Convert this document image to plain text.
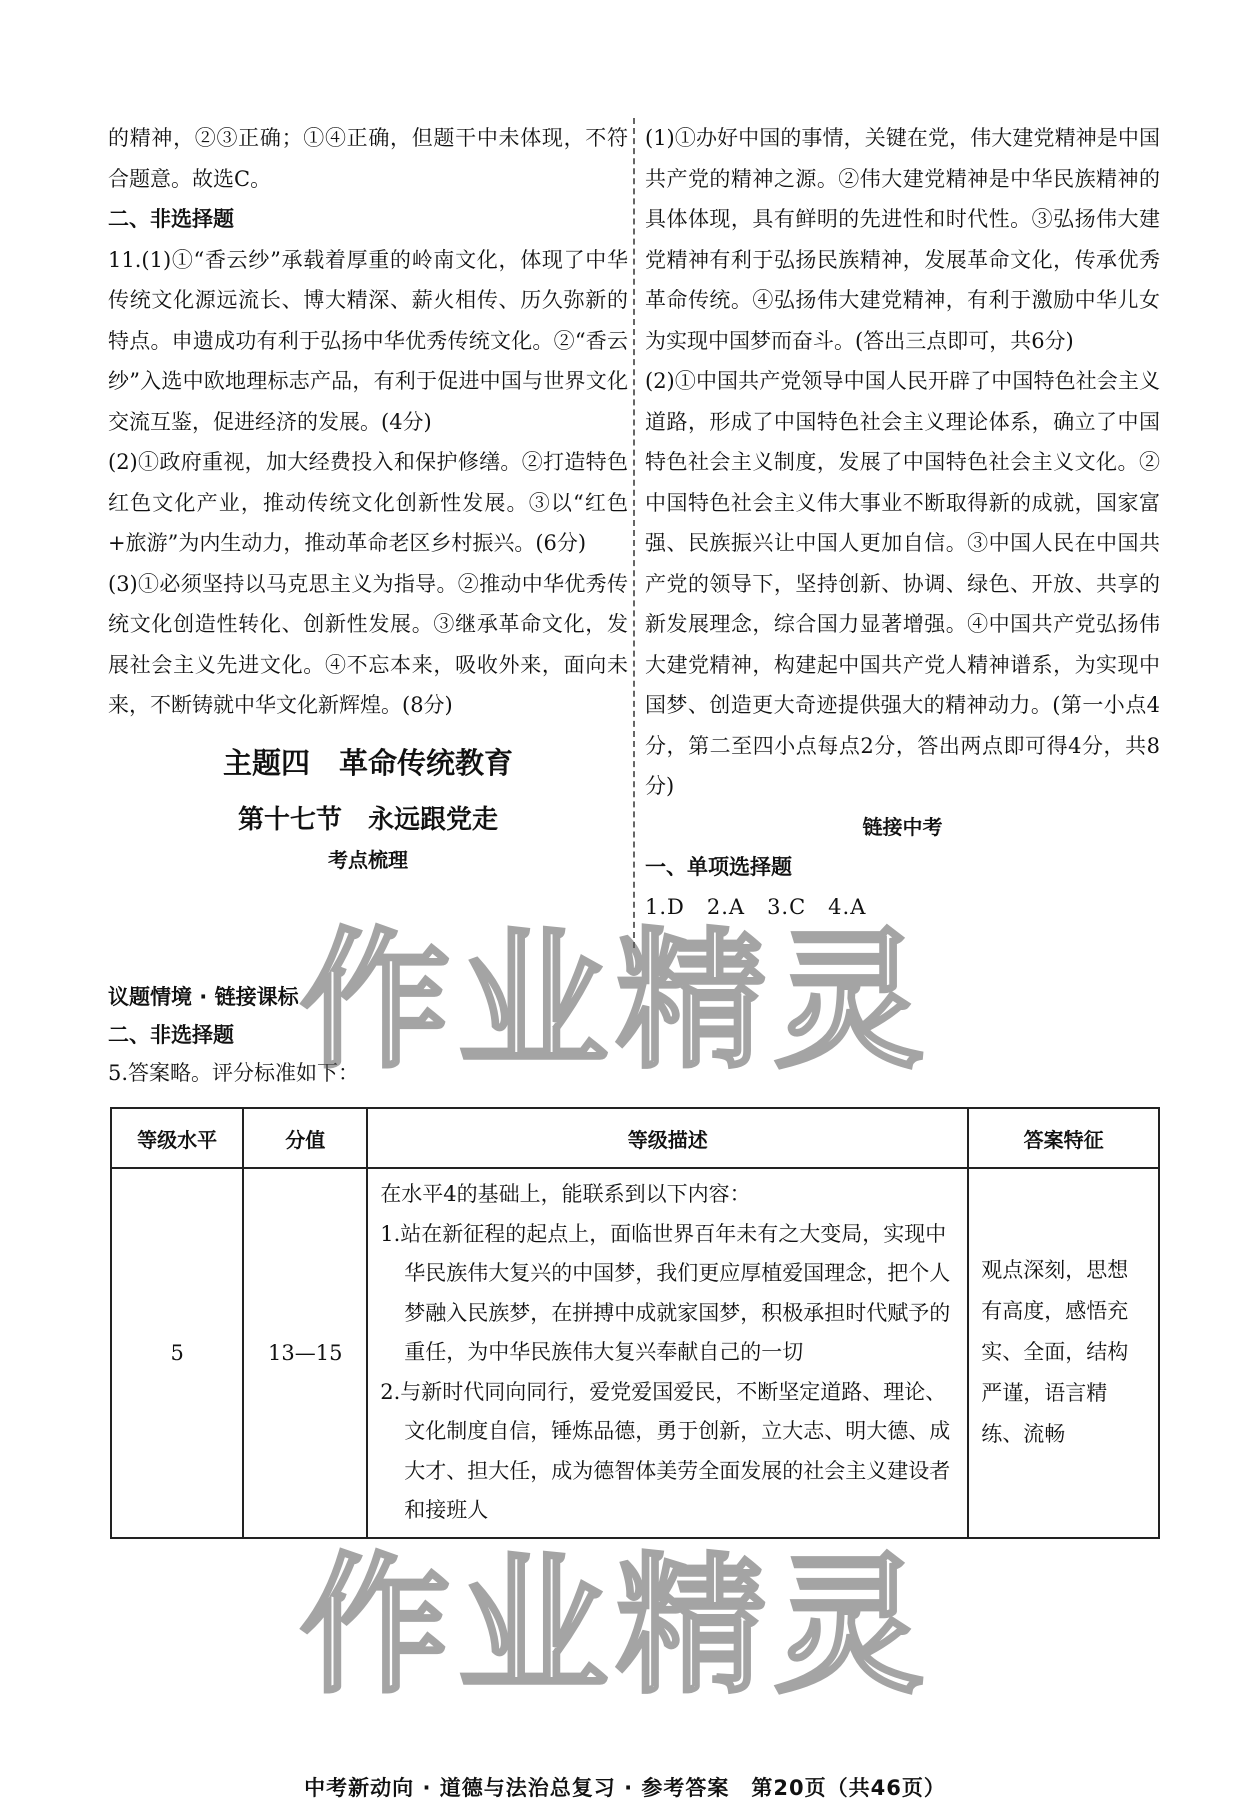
的精神，②③正确；①④正确，但题干中未体现，不符合题意。故选C。

二、非选择题

11.(1)①“香云纱”承载着厚重的岭南文化，体现了中华传统文化源远流长、博大精深、薪火相传、历久弥新的特点。申遗成功有利于弘扬中华优秀传统文化。②“香云纱”入选中欧地理标志产品，有利于促进中国与世界文化交流互鉴，促进经济的发展。(4分)

(2)①政府重视，加大经费投入和保护修缮。②打造特色红色文化产业，推动传统文化创新性发展。③以“红色+旅游”为内生动力，推动革命老区乡村振兴。(6分)

(3)①必须坚持以马克思主义为指导。②推动中华优秀传统文化创造性转化、创新性发展。③继承革命文化，发展社会主义先进文化。④不忘本来，吸收外来，面向未来，不断铸就中华文化新辉煌。(8分)

主题四　革命传统教育

第十七节　永远跟党走

考点梳理

(1)①办好中国的事情，关键在党，伟大建党精神是中国共产党的精神之源。②伟大建党精神是中华民族精神的具体体现，具有鲜明的先进性和时代性。③弘扬伟大建党精神有利于弘扬民族精神，发展革命文化，传承优秀革命传统。④弘扬伟大建党精神，有利于激励中华儿女为实现中国梦而奋斗。(答出三点即可，共6分)

(2)①中国共产党领导中国人民开辟了中国特色社会主义道路，形成了中国特色社会主义理论体系，确立了中国特色社会主义制度，发展了中国特色社会主义文化。②中国特色社会主义伟大事业不断取得新的成就，国家富强、民族振兴让中国人更加自信。③中国人民在中国共产党的领导下，坚持创新、协调、绿色、开放、共享的新发展理念，综合国力显著增强。④中国共产党弘扬伟大建党精神，构建起中国共产党人精神谱系，为实现中国梦、创造更大奇迹提供强大的精神动力。(第一小点4分，第二至四小点每点2分，答出两点即可得4分，共8分)

链接中考

一、单项选择题

1.D　2.A　3.C　4.A

议题情境 · 链接课标

二、非选择题

5.答案略。评分标准如下：

等级水平	分值	等级描述	答案特征
5	13—15	在水平4的基础上，能联系到以下内容：

1.站在新征程的起点上，面临世界百年未有之大变局，实现中华民族伟大复兴的中国梦，我们更应厚植爱国理念，把个人梦融入民族梦，在拼搏中成就家国梦，积极承担时代赋予的重任，为中华民族伟大复兴奉献自己的一切

2.与新时代同向同行，爱党爱国爱民，不断坚定道路、理论、文化制度自信，锤炼品德，勇于创新，立大志、明大德、成大才、担大任，成为德智体美劳全面发展的社会主义建设者和接班人	观点深刻，思想有高度，感悟充实、全面，结构严谨，语言精练、流畅
作业精灵
作业精灵
中考新动向 · 道德与法治总复习 · 参考答案　第20页（共46页）
